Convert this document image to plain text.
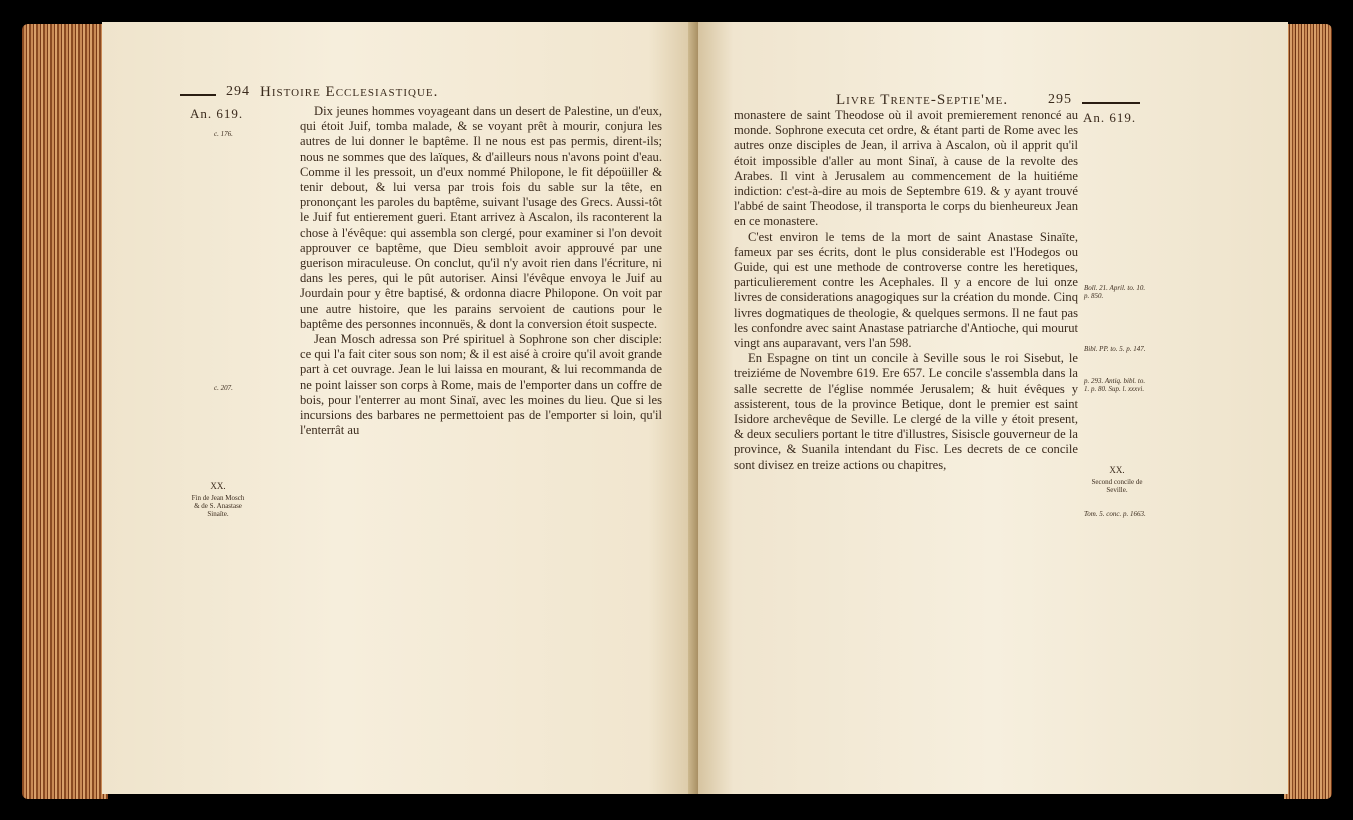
294 Histoire Ecclesiastique.
An. 619.
c. 176.
c. 207.
XX.
Fin de Jean Mosch & de S. Anastase Sinaïte.

Dix jeunes hommes voyageant dans un desert de Palestine, un d'eux, qui étoit Juif, tomba malade, & se voyant prêt à mourir, conjura les autres de lui donner le baptême. Il ne nous est pas permis, dirent-ils; nous ne sommes que des laïques, & d'ailleurs nous n'avons point d'eau. Comme il les pressoit, un d'eux nommé Philopone, le fit dépoüiller & tenir debout, & lui versa par trois fois du sable sur la tête, en prononçant les paroles du baptême, suivant l'usage des Grecs. Aussi-tôt le Juif fut entierement gueri. Etant arrivez à Ascalon, ils raconterent la chose à l'évêque: qui assembla son clergé, pour examiner si l'on devoit approuver ce baptême, que Dieu sembloit avoir approuvé par une guerison miraculeuse. On conclut, qu'il n'y avoit rien dans l'écriture, ni dans les peres, qui le pût autoriser. Ainsi l'évêque envoya le Juif au Jourdain pour y être baptisé, & ordonna diacre Philopone. On voit par une autre histoire, que les parains servoient de cautions pour le baptême des personnes inconnuës, & dont la conversion étoit suspecte.

Jean Mosch adressa son Pré spirituel à Sophrone son cher disciple: ce qui l'a fait citer sous son nom; & il est aisé à croire qu'il avoit grande part à cet ouvrage. Jean le lui laissa en mourant, & lui recommanda de ne point laisser son corps à Rome, mais de l'emporter dans un coffre de bois, pour l'enterrer au mont Sinaï, avec les moines du lieu. Que si les incursions des barbares ne permettoient pas de l'emporter si loin, qu'il l'enterrât au

Livre Trente-Septie'me.	295
An. 619.
Boll. 21. April. to. 10. p. 850.
Bibl. PP. to. 5. p. 147.
p. 293. Antiq. bibl. to. 1. p. 80. Sup. l. xxxvi.
XX.
Second concile de Seville.
Tom. 5. conc. p. 1663.

monastere de saint Theodose où il avoit premierement renoncé au monde. Sophrone executa cet ordre, & étant parti de Rome avec les autres onze disciples de Jean, il arriva à Ascalon, où il apprit qu'il étoit impossible d'aller au mont Sinaï, à cause de la revolte des Arabes. Il vint à Jerusalem au commencement de la huitiéme indiction: c'est-à-dire au mois de Septembre 619. & y ayant trouvé l'abbé de saint Theodose, il transporta le corps du bienheureux Jean en ce monastere.

C'est environ le tems de la mort de saint Anastase Sinaïte, fameux par ses écrits, dont le plus considerable est l'Hodegos ou Guide, qui est une methode de controverse contre les heretiques, particulierement contre les Acephales. Il y a encore de lui onze livres de considerations anagogiques sur la création du monde. Cinq livres dogmatiques de theologie, & quelques sermons. Il ne faut pas les confondre avec saint Anastase patriarche d'Antioche, qui mourut vingt ans auparavant, vers l'an 598.

En Espagne on tint un concile à Seville sous le roi Sisebut, le treiziéme de Novembre 619. Ere 657. Le concile s'assembla dans la salle secrette de l'église nommée Jerusalem; & huit évêques y assisterent, tous de la province Betique, dont le premier est saint Isidore archevêque de Seville. Le clergé de la ville y étoit present, & deux seculiers portant le titre d'illustres, Sisiscle gouverneur de la province, & Suanila intendant du Fisc. Les decrets de ce concile sont divisez en treize actions ou chapitres,
